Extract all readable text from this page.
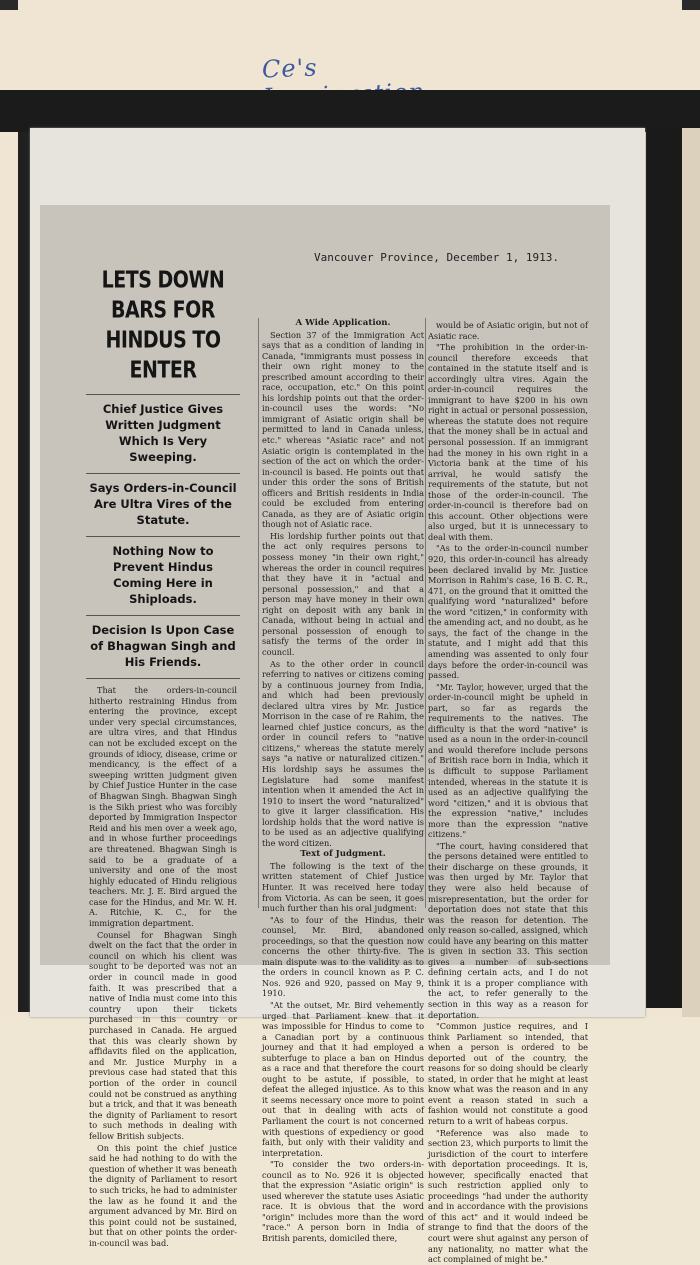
Ce's
Vancouver Province, December 1, 1913.
LETS DOWN BARS FOR HINDUS TO ENTER
Chief Justice Gives Written Judgment Which Is Very Sweeping.
Says Orders-in-Council Are Ultra Vires of the Statute.
Nothing Now to Prevent Hindus Coming Here in Shiploads.
Decision Is Upon Case of Bhagwan Singh and His Friends.

That the orders-in-council hitherto restraining Hindus from entering the province, except under very special circumstances, are ultra vires, and that Hindus can not be excluded except on the grounds of idiocy, disease, crime or mendicancy, is the effect of a sweeping written judgment given by Chief Justice Hunter in the case of Bhagwan Singh. Bhagwan Singh is the Sikh priest who was forcibly deported by Immigration Inspector Reid and his men over a week ago, and in whose further proceedings are threatened. Bhagwan Singh is said to be a graduate of a university and one of the most highly educated of Hindu religious teachers. Mr. J. E. Bird argued the case for the Hindus, and Mr. W. H. A. Ritchie, K. C., for the immigration department.

Counsel for Bhagwan Singh dwelt on the fact that the order in council on which his client was sought to be deported was not an order in council made in good faith. It was prescribed that a native of India must come into this country upon their tickets purchased in this country or purchased in Canada. He argued that this was clearly shown by affidavits filed on the application, and Mr. Justice Murphy in a previous case had stated that this portion of the order in council could not be construed as anything but a trick, and that it was beneath the dignity of Parliament to resort to such methods in dealing with fellow British subjects.

On this point the chief justice said he had nothing to do with the question of whether it was beneath the dignity of Parliament to resort to such tricks, he had to administer the law as he found it and the argument advanced by Mr. Bird on this point could not be sustained, but that on other points the order-in-council was bad.

A Wide Application.

Section 37 of the Immigration Act says that as a condition of landing in Canada, "immigrants must possess in their own right money to the prescribed amount according to their race, occupation, etc." On this point his lordship points out that the order-in-council uses the words: "No immigrant of Asiatic origin shall be permitted to land in Canada unless, etc." whereas "Asiatic race" and not Asiatic origin is contemplated in the section of the act on which the order-in-council is based. He points out that under this order the sons of British officers and British residents in India could be excluded from entering Canada, as they are of Asiatic origin though not of Asiatic race.

His lordship further points out that the act only requires persons to possess money "in their own right," whereas the order in council requires that they have it in "actual and personal possession," and that a person may have money in their own right on deposit with any bank in Canada, without being in actual and personal possession of enough to satisfy the terms of the order in council.

As to the other order in council referring to natives or citizens coming by a continuous journey from India, and which had been previously declared ultra vires by Mr. Justice Morrison in the case of re Rahim, the learned chief justice concurs, as the order in council refers to "native citizens," whereas the statute merely says "a native or naturalized citizen." His lordship says he assumes the Legislature had some manifest intention when it amended the Act in 1910 to insert the word "naturalized" to give it larger classification. His lordship holds that the word native is to be used as an adjective qualifying the word citizen.

Text of Judgment.

The following is the text of the written statement of Chief Justice Hunter. It was received here today from Victoria. As can be seen, it goes much further than his oral judgment:

"As to four of the Hindus, their counsel, Mr. Bird, abandoned proceedings, so that the question now concerns the other thirty-five. The main dispute was to the validity as to the orders in council known as P. C. Nos. 926 and 920, passed on May 9, 1910.

"At the outset, Mr. Bird vehemently urged that Parliament knew that it was impossible for Hindus to come to a Canadian port by a continuous journey and that it had employed a subterfuge to place a ban on Hindus as a race and that therefore the court ought to be astute, if possible, to defeat the alleged injustice. As to this it seems necessary once more to point out that in dealing with acts of Parliament the court is not concerned with questions of expediency or good faith, but only with their validity and interpretation.

"To consider the two orders-in-council as to No. 926 it is objected that the expression "Asiatic origin" is used wherever the statute uses Asiatic race. It is obvious that the word "origin" includes more than the word "race." A person born in India of British parents, domiciled there,

would be of Asiatic origin, but not of Asiatic race.

"The prohibition in the order-in-council therefore exceeds that contained in the statute itself and is accordingly ultra vires. Again the order-in-council requires the immigrant to have $200 in his own right in actual or personal possession, whereas the statute does not require that the money shall be in actual and personal possession. If an immigrant had the money in his own right in a Victoria bank at the time of his arrival, he would satisfy the requirements of the statute, but not those of the order-in-council. The order-in-council is therefore bad on this account. Other objections were also urged, but it is unnecessary to deal with them.

"As to the order-in-council number 920, this order-in-council has already been declared invalid by Mr. Justice Morrison in Rahim's case, 16 B. C. R., 471, on the ground that it omitted the qualifying word "naturalized" before the word "citizen," in conformity with the amending act, and no doubt, as he says, the fact of the change in the statute, and I might add that this amending was assented to only four days before the order-in-council was passed.

"Mr. Taylor, however, urged that the order-in-council might be upheld in part, so far as regards the requirements to the natives. The difficulty is that the word "native" is used as a noun in the order-in-council and would therefore include persons of British race born in India, which it is difficult to suppose Parliament intended, whereas in the statute it is used as an adjective qualifying the word "citizen," and it is obvious that the expression "native," includes more than the expression "native citizens."

"The court, having considered that the persons detained were entitled to their discharge on these grounds, it was then urged by Mr. Taylor that they were also held because of misrepresentation, but the order for deportation does not state that this was the reason for detention. The only reason so-called, assigned, which could have any bearing on this matter is given in section 33. This section gives a number of sub-sections defining certain acts, and I do not think it is a proper compliance with the act, to refer generally to the section in this way as a reason for deportation.

"Common justice requires, and I think Parliament so intended, that when a person is ordered to be deported out of the country, the reasons for so doing should be clearly stated, in order that he might at least know what was the reason and in any event a reason stated in such a fashion would not constitute a good return to a writ of habeas corpus.

"Reference was also made to section 23, which purports to limit the jurisdiction of the court to interfere with deportation proceedings. It is, however, specifically enacted that such restriction applied only to proceedings "had under the authority and in accordance with the provisions of this act" and it would indeed be strange to find that the doors of the court were shut against any person of any nationality, no matter what the act complained of might be."
